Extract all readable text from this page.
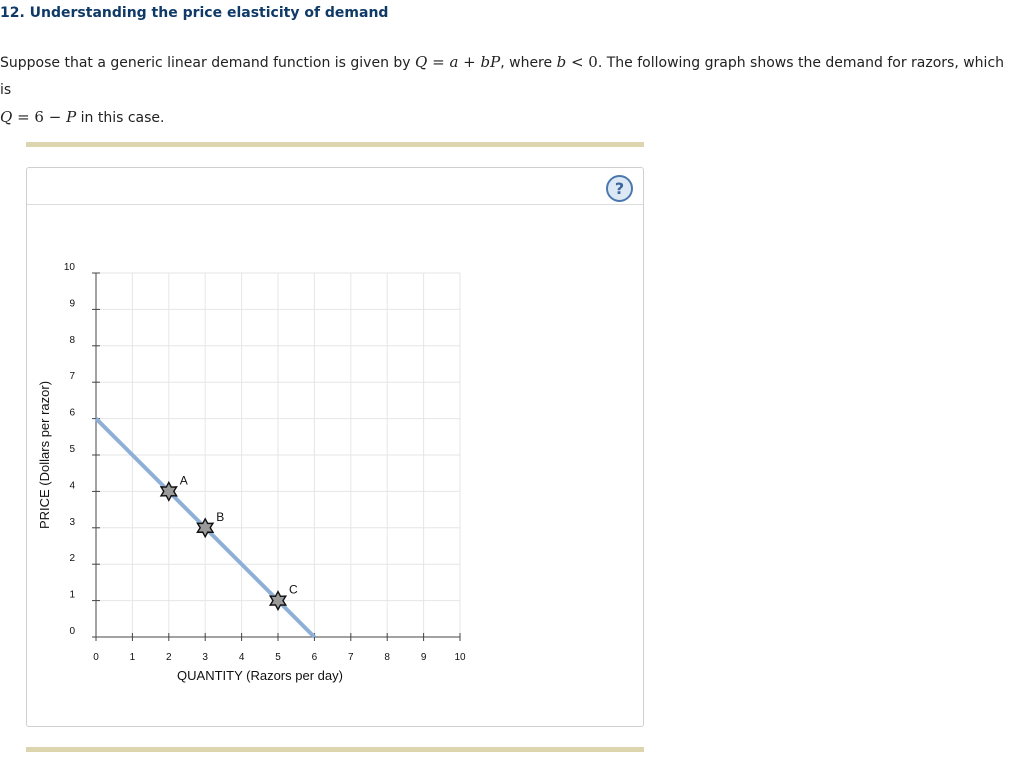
12. Understanding the price elasticity of demand

Suppose that a generic linear demand function is given by Q = a + bP, where b < 0. The following graph shows the demand for razors, which is
Q = 6 − P in this case.

?
0	1	2	3	4	5	6	7	8	9	10
0
1
2
3
4
5
6
7
8
9
10
A
B
C
QUANTITY (Razors per day)
PRICE (Dollars per razor)
